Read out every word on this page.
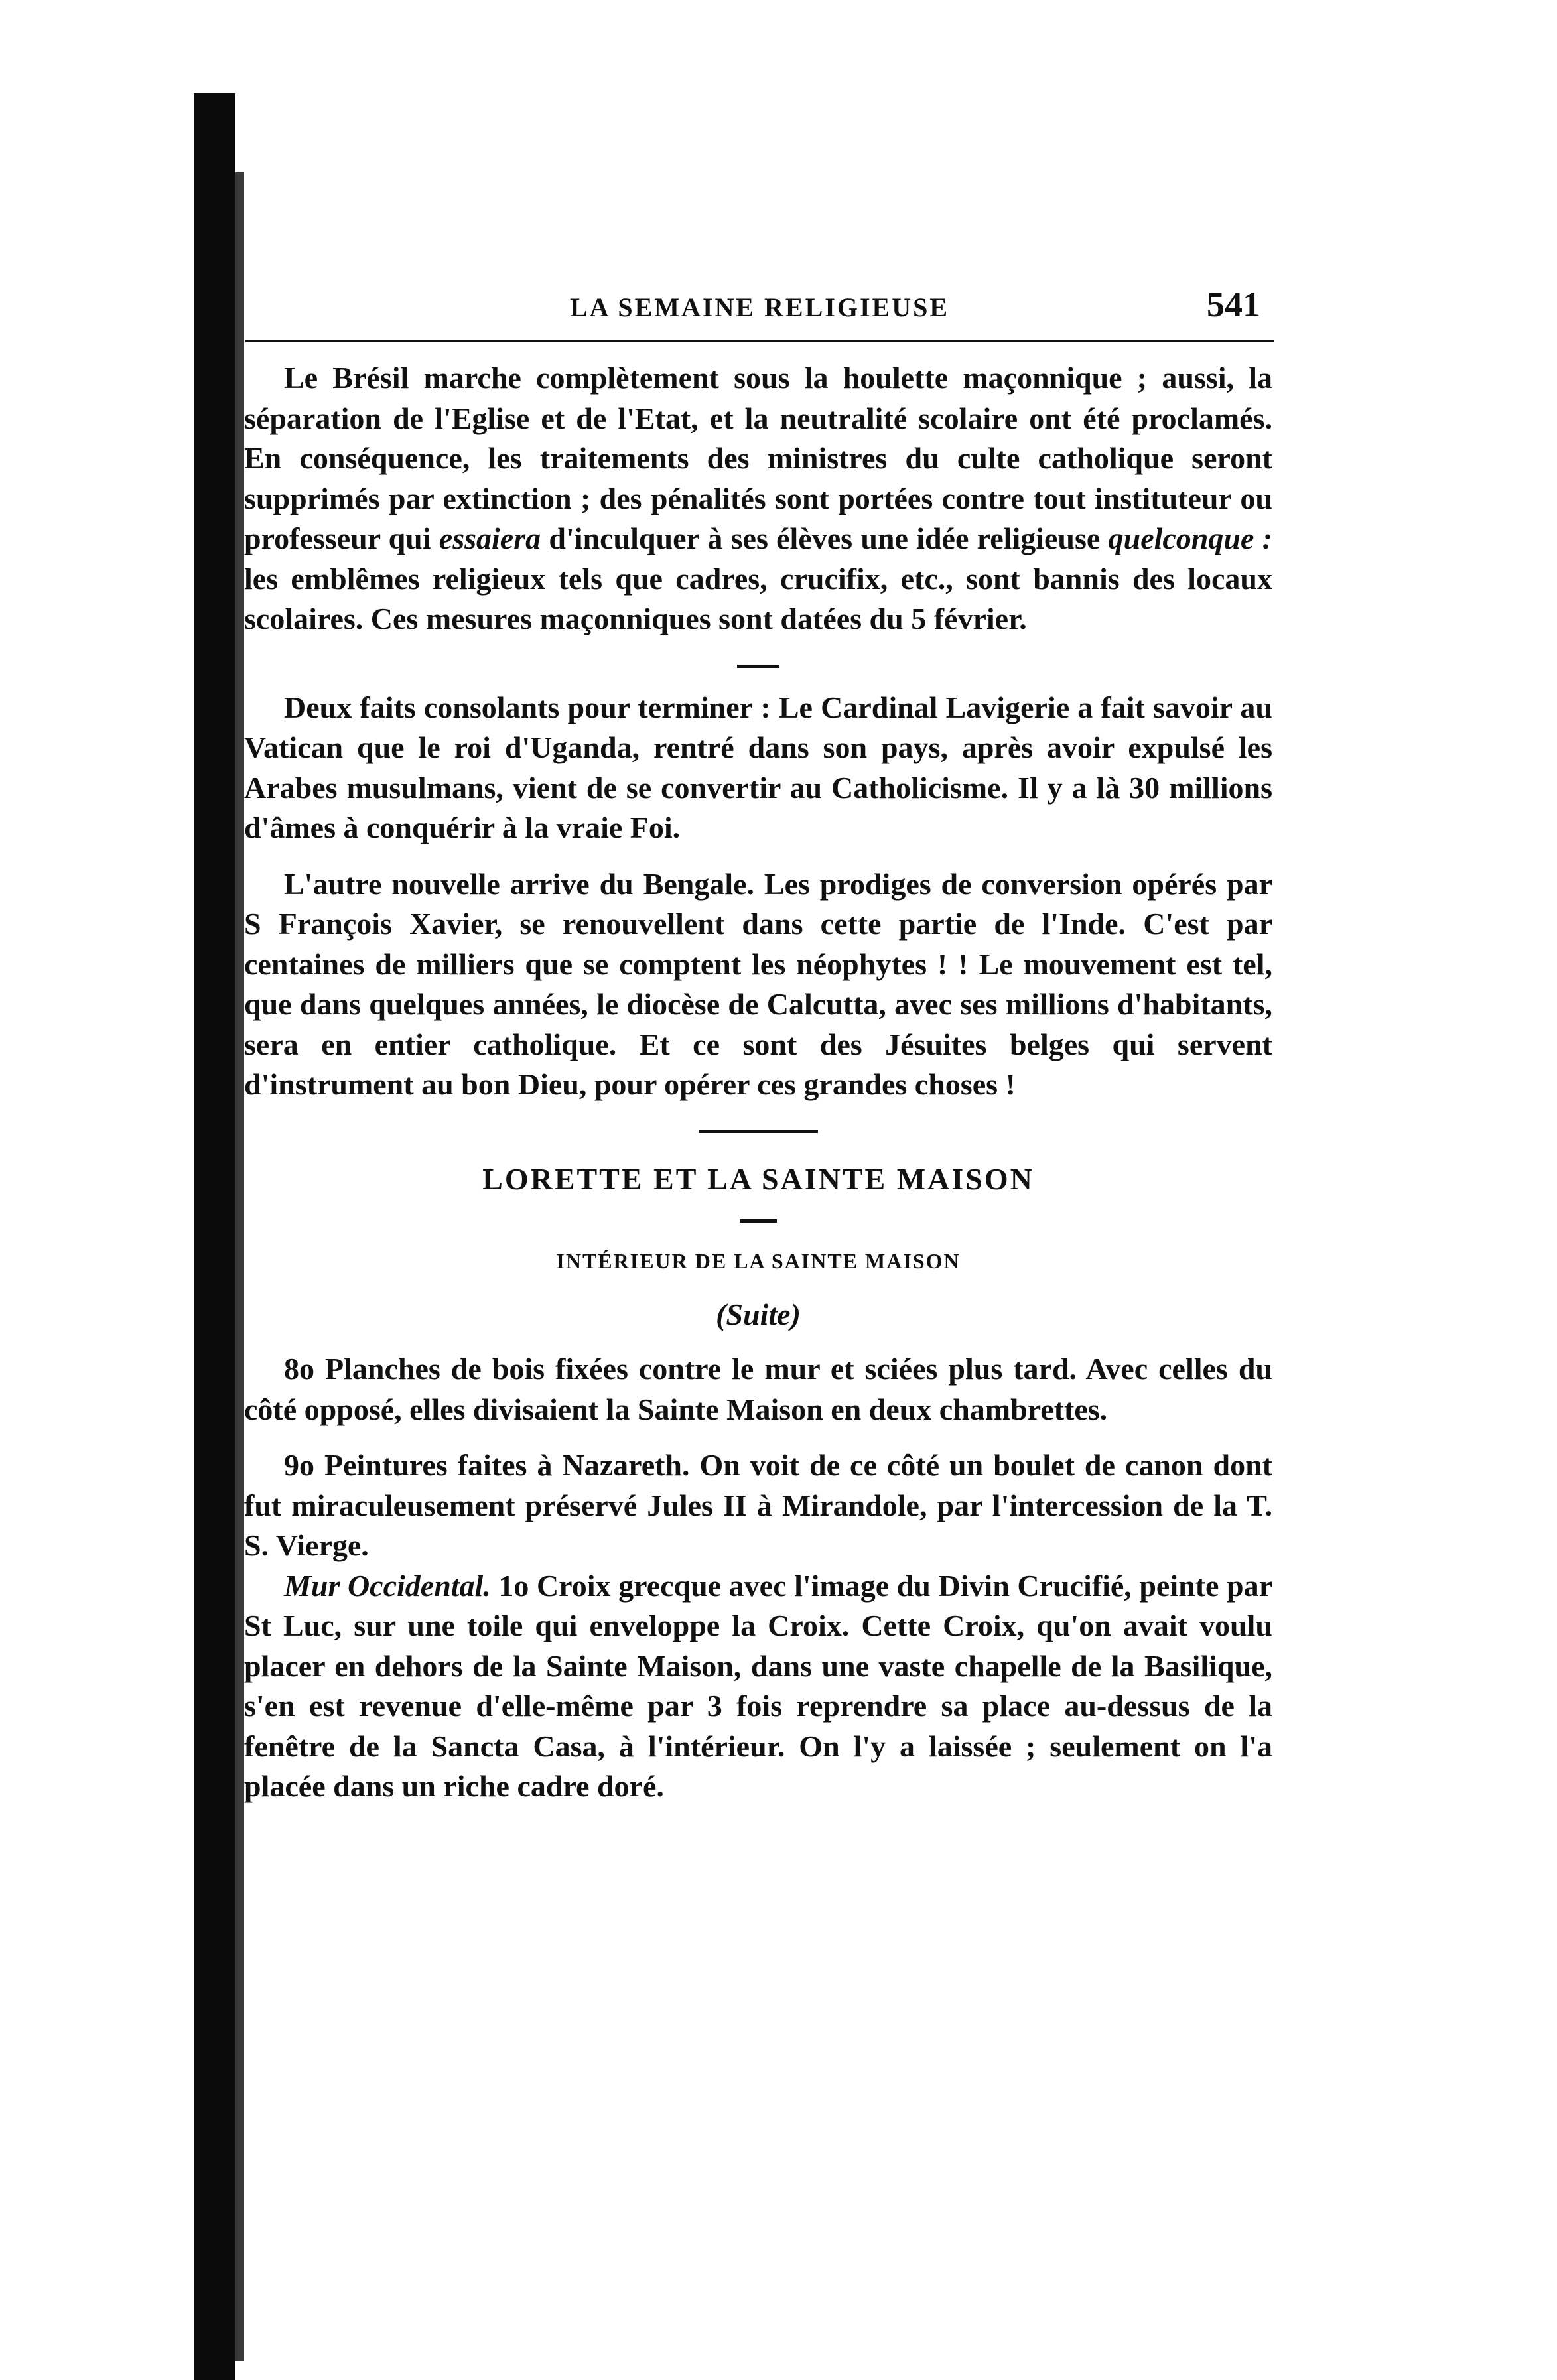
LA SEMAINE RELIGIEUSE	541

Le Brésil marche complètement sous la houlette maçonnique ; aussi, la séparation de l'Eglise et de l'Etat, et la neutralité scolaire ont été proclamés. En conséquence, les traitements des ministres du culte catholique seront supprimés par extinction ; des pénalités sont portées contre tout instituteur ou professeur qui essaiera d'inculquer à ses élèves une idée religieuse quelconque : les emblêmes religieux tels que cadres, crucifix, etc., sont bannis des locaux scolaires. Ces mesures maçonniques sont datées du 5 février.

Deux faits consolants pour terminer : Le Cardinal Lavigerie a fait savoir au Vatican que le roi d'Uganda, rentré dans son pays, après avoir expulsé les Arabes musulmans, vient de se convertir au Catholicisme. Il y a là 30 millions d'âmes à conquérir à la vraie Foi.

L'autre nouvelle arrive du Bengale. Les prodiges de conversion opérés par S François Xavier, se renouvellent dans cette partie de l'Inde. C'est par centaines de milliers que se comptent les néophytes ! ! Le mouvement est tel, que dans quelques années, le diocèse de Calcutta, avec ses millions d'habitants, sera en entier catholique. Et ce sont des Jésuites belges qui servent d'instrument au bon Dieu, pour opérer ces grandes choses !

LORETTE ET LA SAINTE MAISON
INTÉRIEUR DE LA SAINTE MAISON
(Suite)

8o Planches de bois fixées contre le mur et sciées plus tard. Avec celles du côté opposé, elles divisaient la Sainte Maison en deux chambrettes.

9o Peintures faites à Nazareth. On voit de ce côté un boulet de canon dont fut miraculeusement préservé Jules II à Mirandole, par l'intercession de la T. S. Vierge.

Mur Occidental. 1o Croix grecque avec l'image du Divin Crucifié, peinte par St Luc, sur une toile qui enveloppe la Croix. Cette Croix, qu'on avait voulu placer en dehors de la Sainte Maison, dans une vaste chapelle de la Basilique, s'en est revenue d'elle-même par 3 fois reprendre sa place au-dessus de la fenêtre de la Sancta Casa, à l'intérieur. On l'y a laissée ; seulement on l'a placée dans un riche cadre doré.
